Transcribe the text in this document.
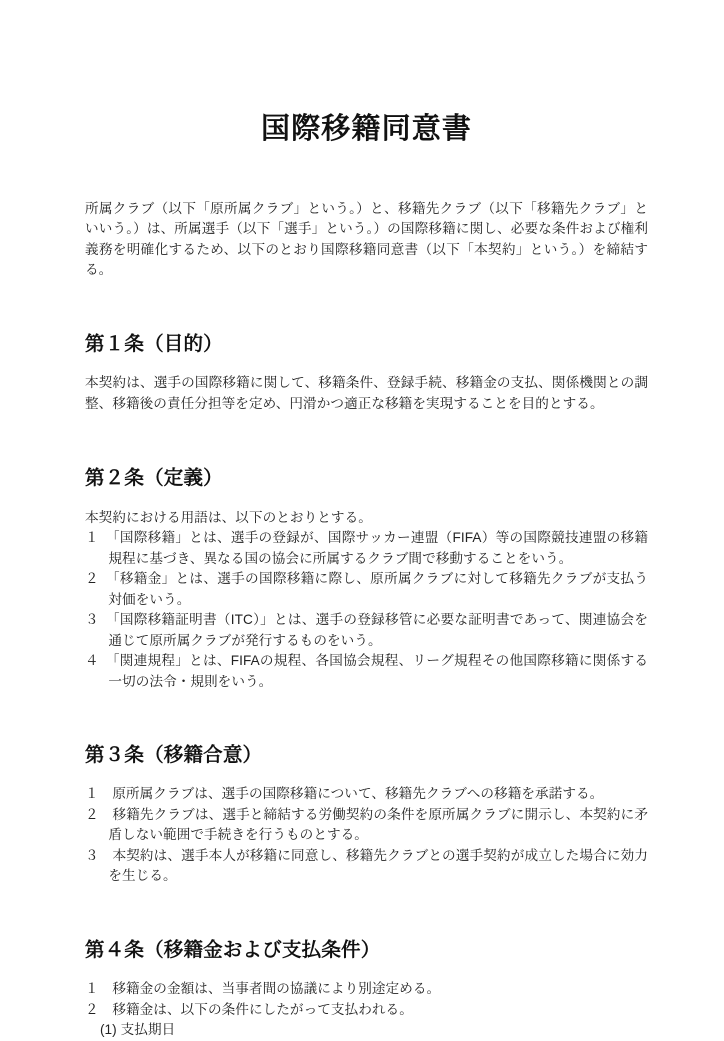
国際移籍同意書

所属クラブ（以下「原所属クラブ」という。）と、移籍先クラブ（以下「移籍先クラブ」といいう。）は、所属選手（以下「選手」という。）の国際移籍に関し、必要な条件および権利義務を明確化するため、以下のとおり国際移籍同意書（以下「本契約」という。）を締結する。

第１条（目的）

本契約は、選手の国際移籍に関して、移籍条件、登録手続、移籍金の支払、関係機関との調整、移籍後の責任分担等を定め、円滑かつ適正な移籍を実現することを目的とする。

第２条（定義）

本契約における用語は、以下のとおりとする。

１　「国際移籍」とは、選手の登録が、国際サッカー連盟（FIFA）等の国際競技連盟の移籍規程に基づき、異なる国の協会に所属するクラブ間で移動することをいう。

２　「移籍金」とは、選手の国際移籍に際し、原所属クラブに対して移籍先クラブが支払う対価をいう。

３　「国際移籍証明書（ITC）」とは、選手の登録移管に必要な証明書であって、関連協会を通じて原所属クラブが発行するものをいう。

４　「関連規程」とは、FIFAの規程、各国協会規程、リーグ規程その他国際移籍に関係する一切の法令・規則をいう。

第３条（移籍合意）

１　原所属クラブは、選手の国際移籍について、移籍先クラブへの移籍を承諾する。

２　移籍先クラブは、選手と締結する労働契約の条件を原所属クラブに開示し、本契約に矛盾しない範囲で手続きを行うものとする。

３　本契約は、選手本人が移籍に同意し、移籍先クラブとの選手契約が成立した場合に効力を生じる。

第４条（移籍金および支払条件）

１　移籍金の金額は、当事者間の協議により別途定める。

２　移籍金は、以下の条件にしたがって支払われる。

(1) 支払期日
